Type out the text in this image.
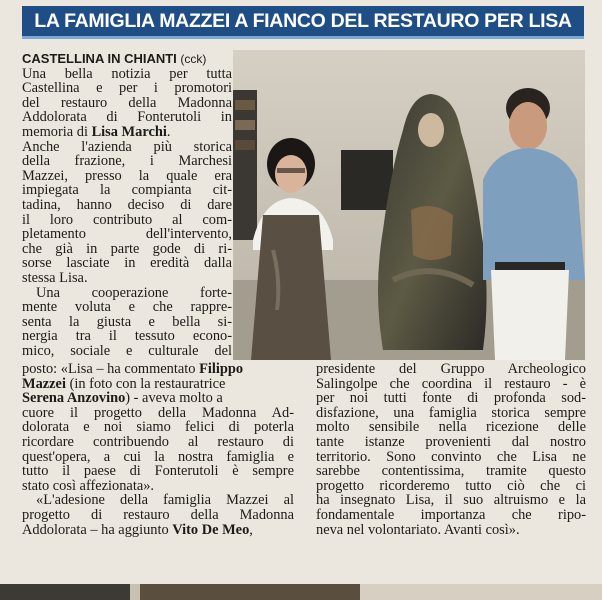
LA FAMIGLIA MAZZEI A FIANCO DEL RESTAURO PER LISA
CASTELLINA IN CHIANTI (cck)
Una bella notizia per tutta
Castellina e per i promotori
del restauro della Madonna
Addolorata di Fonterutoli in
memoria di Lisa Marchi.
Anche l'azienda più storica
della frazione, i Marchesi
Mazzei, presso la quale era
impiegata la compianta cit-
tadina, hanno deciso di dare
il loro contributo al com-
pletamento dell'intervento,
che già in parte gode di ri-
sorse lasciate in eredità dalla
stessa Lisa.
Una cooperazione forte-
mente voluta e che rappre-
senta la giusta e bella si-
nergia tra il tessuto econo-
mico, sociale e culturale del
posto: «Lisa – ha commentato Filippo
Mazzei (in foto con la restauratrice
Serena Anzovino) - aveva molto a
cuore il progetto della Madonna Ad-
dolorata e noi siamo felici di poterla
ricordare contribuendo al restauro di
quest'opera, a cui la nostra famiglia e
tutto il paese di Fonterutoli è sempre
stato così affezionata».
«L'adesione della famiglia Mazzei al
progetto di restauro della Madonna
Addolorata – ha aggiunto Vito De Meo,
presidente del Gruppo Archeologico
Salingolpe che coordina il restauro - è
per noi tutti fonte di profonda sod-
disfazione, una famiglia storica sempre
molto sensibile nella ricezione delle
tante istanze provenienti dal nostro
territorio. Sono convinto che Lisa ne
sarebbe contentissima, tramite questo
progetto ricorderemo tutto ciò che ci
ha insegnato Lisa, il suo altruismo e la
fondamentale importanza che ripo-
neva nel volontariato. Avanti così».
